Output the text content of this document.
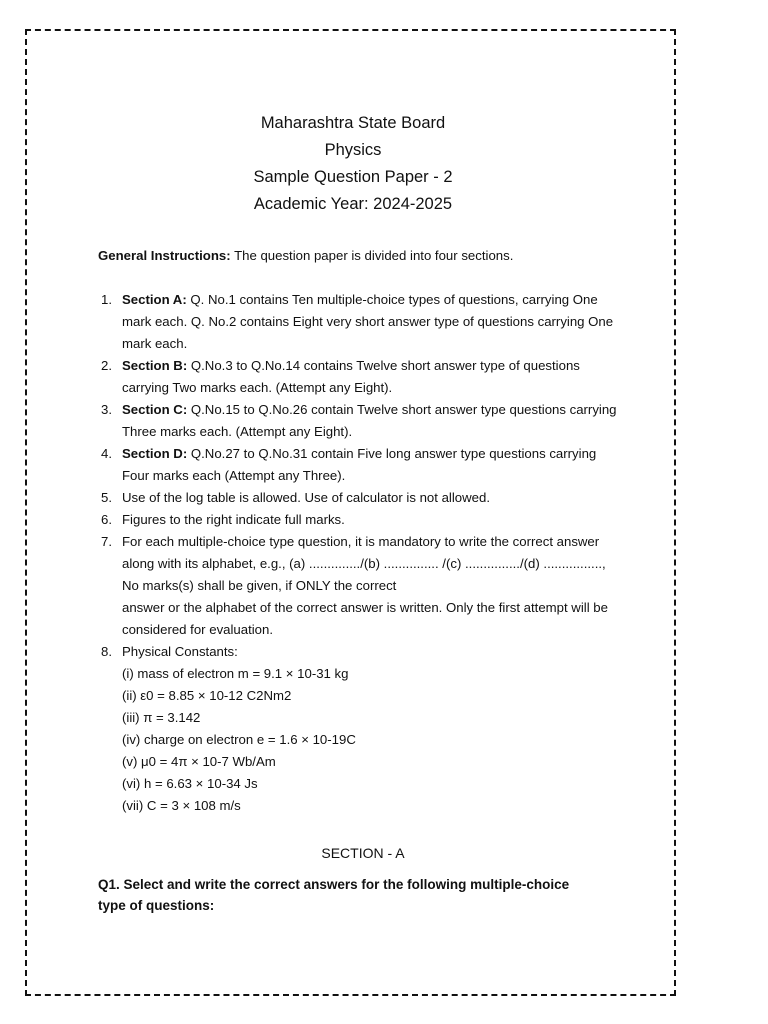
Maharashtra State Board
Physics
Sample Question Paper - 2
Academic Year: 2024-2025
General Instructions: The question paper is divided into four sections.
1. Section A: Q. No.1 contains Ten multiple-choice types of questions, carrying One mark each. Q. No.2 contains Eight very short answer type of questions carrying One mark each.
2. Section B: Q.No.3 to Q.No.14 contains Twelve short answer type of questions carrying Two marks each. (Attempt any Eight).
3. Section C: Q.No.15 to Q.No.26 contain Twelve short answer type questions carrying Three marks each. (Attempt any Eight).
4. Section D: Q.No.27 to Q.No.31 contain Five long answer type questions carrying Four marks each (Attempt any Three).
5. Use of the log table is allowed. Use of calculator is not allowed.
6. Figures to the right indicate full marks.
7. For each multiple-choice type question, it is mandatory to write the correct answer along with its alphabet, e.g., (a) ............../(b) ............... /(c) .............../(d) ................, No marks(s) shall be given, if ONLY the correct
answer or the alphabet of the correct answer is written. Only the first attempt will be considered for evaluation.
8. Physical Constants:
(i) mass of electron m = 9.1 × 10-31 kg
(ii) ε0 = 8.85 × 10-12 C2Nm2
(iii) π = 3.142
(iv) charge on electron e = 1.6 × 10-19C
(v) μ0 = 4π × 10-7 Wb/Am
(vi) h = 6.63 × 10-34 Js
(vii) C = 3 × 108 m/s
SECTION - A
Q1. Select and write the correct answers for the following multiple-choice type of questions:
